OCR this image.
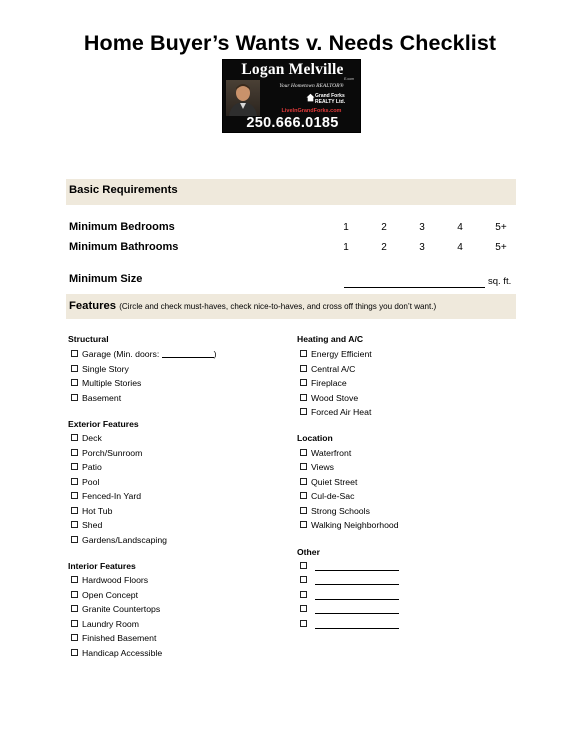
Home Buyer’s Wants v. Needs Checklist
Logan Melville
E.com
Your Hometown REALTOR®
Grand Forks
REALTY Ltd.
LiveInGrandForks.com
250.666.0185
Basic Requirements
Minimum Bedrooms	1	2	3	4	5+
Minimum Bathrooms	1	2	3	4	5+
Minimum Size	sq. ft.
Features (Circle and check must-haves, check nice-to-haves, and cross off things you don’t want.)
Structural
Garage (Min. doors:	)
Single Story
Multiple Stories
Basement
Exterior Features
Deck
Porch/Sunroom
Patio
Pool
Fenced-In Yard
Hot Tub
Shed
Gardens/Landscaping
Interior Features
Hardwood Floors
Open Concept
Granite Countertops
Laundry Room
Finished Basement
Handicap Accessible
Heating and A/C
Energy Efficient
Central A/C
Fireplace
Wood Stove
Forced Air Heat
Location
Waterfront
Views
Quiet Street
Cul-de-Sac
Strong Schools
Walking Neighborhood
Other
